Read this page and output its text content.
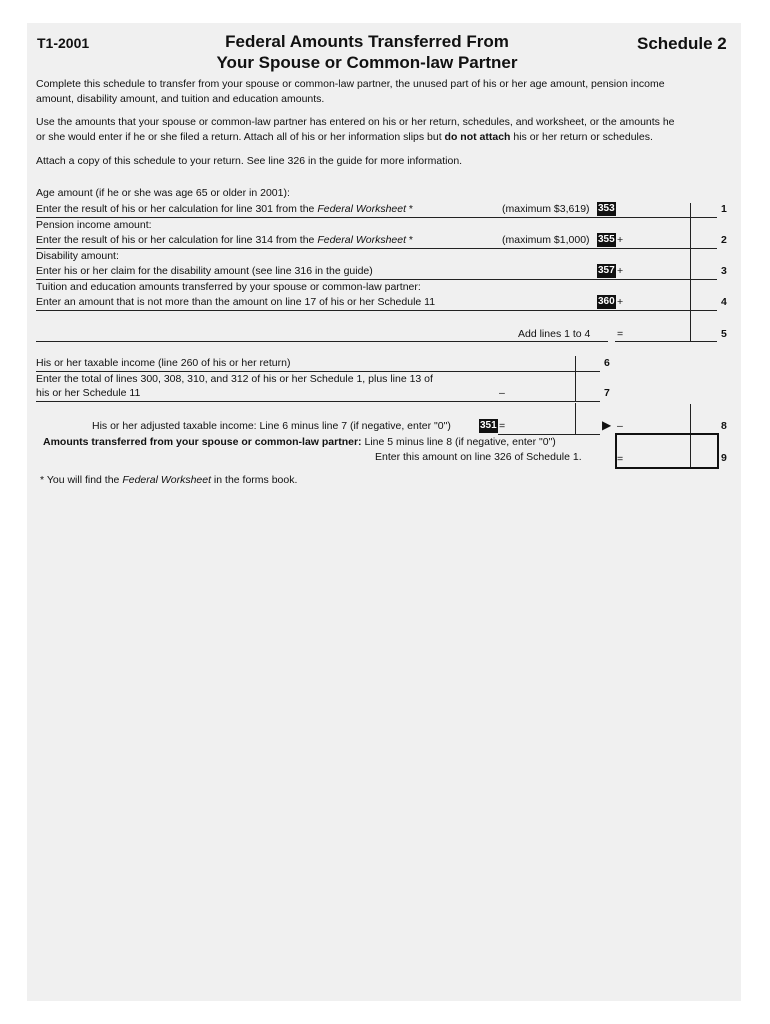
T1-2001	Federal Amounts Transferred From
Your Spouse or Common-law Partner
Schedule 2
Complete this schedule to transfer from your spouse or common-law partner, the unused part of his or her age amount, pension income
amount, disability amount, and tuition and education amounts.
Use the amounts that your spouse or common-law partner has entered on his or her return, schedules, and worksheet, or the amounts he
or she would enter if he or she filed a return. Attach all of his or her information slips but do not attach his or her return or schedules.
Attach a copy of this schedule to your return. See line 326 in the guide for more information.
Age amount (if he or she was age 65 or older in 2001):
Enter the result of his or her calculation for line 301 from the Federal Worksheet *	(maximum $3,619) 353	1
Pension income amount:
Enter the result of his or her calculation for line 314 from the Federal Worksheet *	(maximum $1,000) 355 +	2
Disability amount:
Enter his or her claim for the disability amount (see line 316 in the guide)	357 +	3
Tuition and education amounts transferred by your spouse or common-law partner:
Enter an amount that is not more than the amount on line 17 of his or her Schedule 11	360 +	4
Add lines 1 to 4	=	5
His or her taxable income (line 260 of his or her return)	6
Enter the total of lines 300, 308, 310, and 312 of his or her Schedule 1, plus line 13 of
his or her Schedule 11	–	7
His or her adjusted taxable income: Line 6 minus line 7 (if negative, enter "0")	351 =	▶ –	8
Amounts transferred from your spouse or common-law partner: Line 5 minus line 8 (if negative, enter "0")
Enter this amount on line 326 of Schedule 1.	=	9
* You will find the Federal Worksheet in the forms book.
